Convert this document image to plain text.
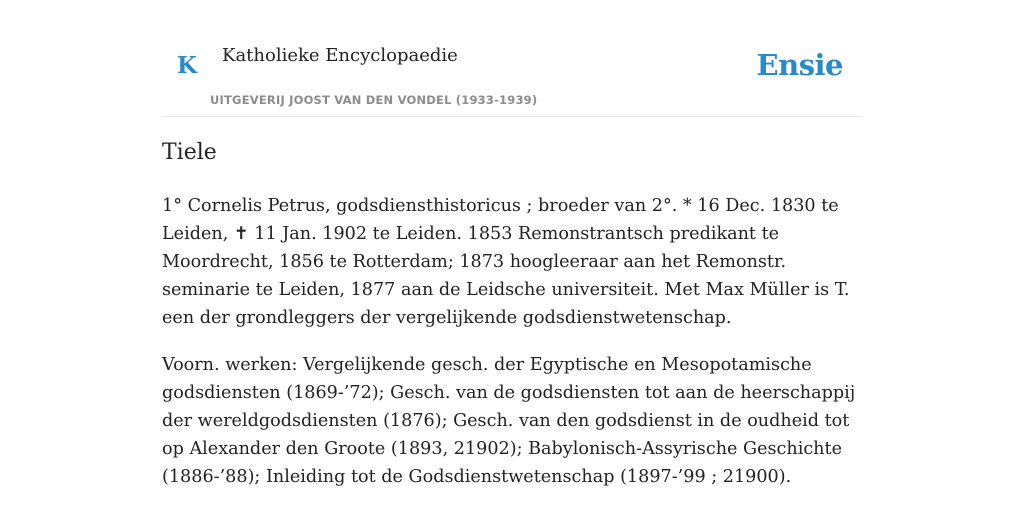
K Katholieke Encyclopaedie
UITGEVERIJ JOOST VAN DEN VONDEL (1933-1939)
Ensie
Tiele

1° Cornelis Petrus, godsdiensthistoricus ; broeder van 2°. * 16 Dec. 1830 te Leiden, ✝ 11 Jan. 1902 te Leiden. 1853 Remonstrantsch predikant te Moordrecht, 1856 te Rotterdam; 1873 hoogleeraar aan het Remonstr. seminarie te Leiden, 1877 aan de Leidsche universiteit. Met Max Müller is T. een der grondleggers der vergelijkende godsdienstwetenschap.

Voorn. werken: Vergelijkende gesch. der Egyptische en Mesopotamische godsdiensten (1869-’72); Gesch. van de godsdiensten tot aan de heerschappij der wereldgodsdiensten (1876); Gesch. van den godsdienst in de oudheid tot op Alexander den Groote (1893, 21902); Babylonisch-Assyrische Geschichte (1886-’88); Inleiding tot de Godsdienstwetenschap (1897-’99 ; 21900).
